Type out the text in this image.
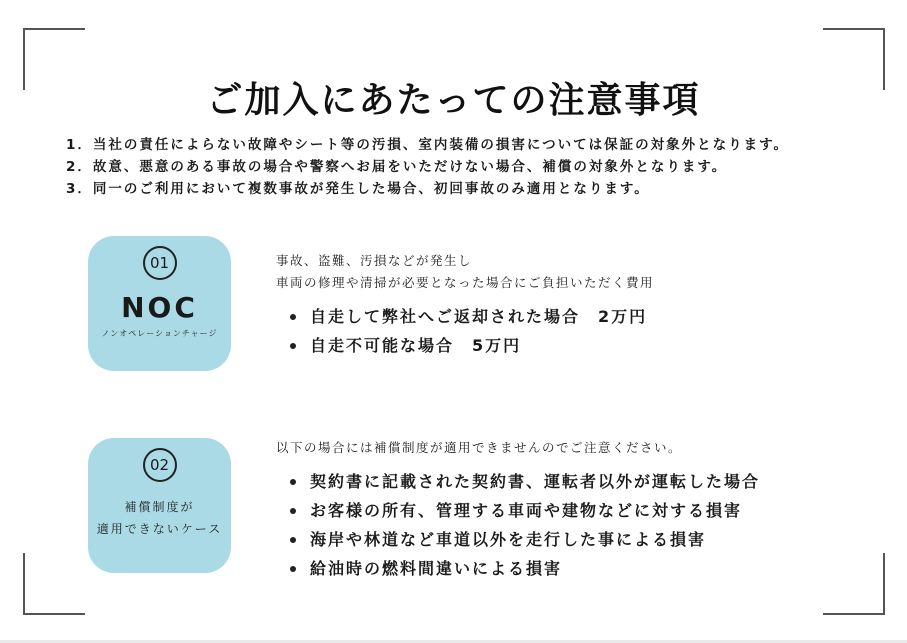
ご加入にあたっての注意事項
1．当社の責任によらない故障やシート等の汚損、室内装備の損害については保証の対象外となります。
2．故意、悪意のある事故の場合や警察へお届をいただけない場合、補償の対象外となります。
3．同一のご利用において複数事故が発生した場合、初回事故のみ適用となります。
01
NOC
ノンオペレーションチャージ
事故、盗難、汚損などが発生し
車両の修理や清掃が必要となった場合にご負担いただく費用
自走して弊社へご返却された場合　2万円
自走不可能な場合　5万円
02
補償制度が
適用できないケース
以下の場合には補償制度が適用できませんのでご注意ください。
契約書に記載された契約書、運転者以外が運転した場合
お客様の所有、管理する車両や建物などに対する損害
海岸や林道など車道以外を走行した事による損害
給油時の燃料間違いによる損害
